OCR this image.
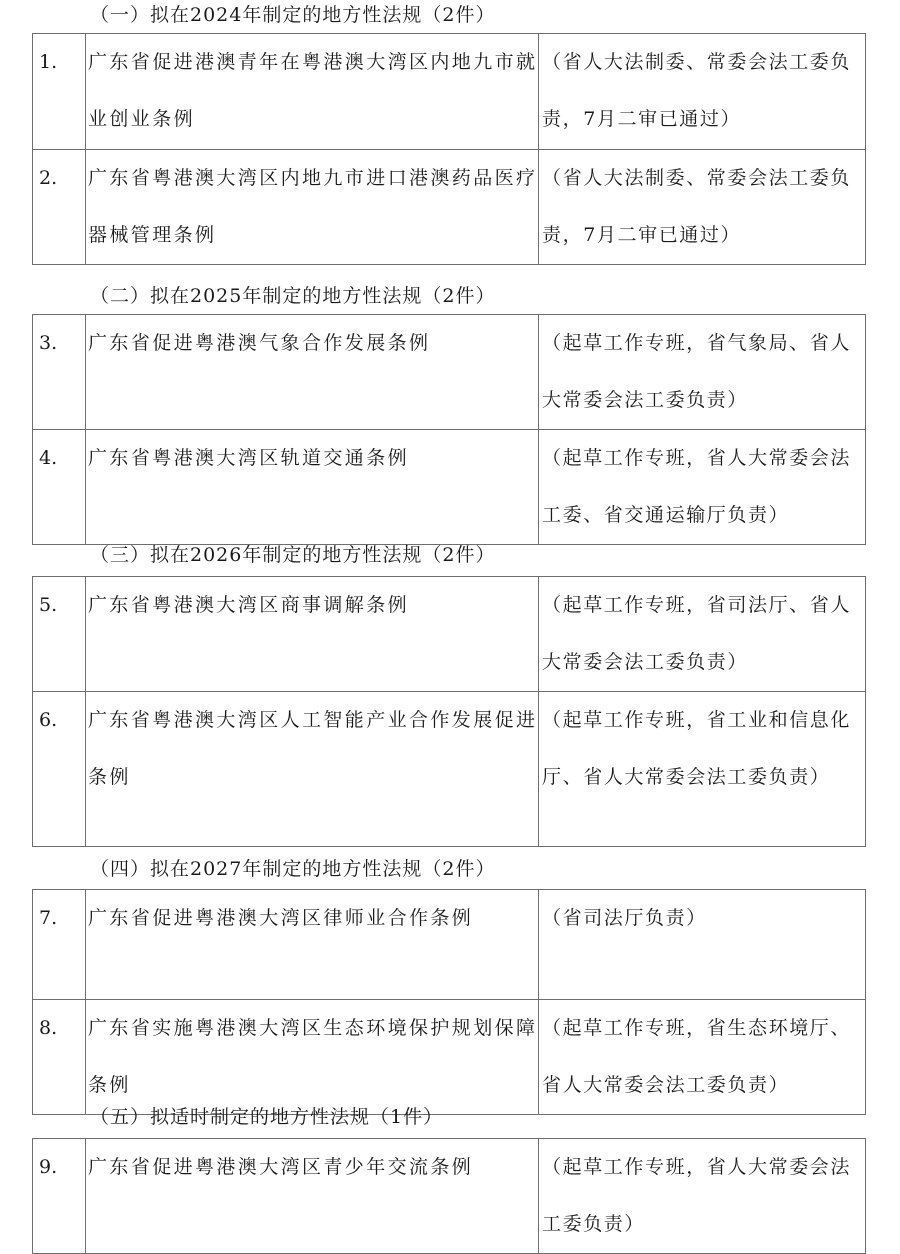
（一）拟在2024年制定的地方性法规（2件）
1.	广东省促进港澳青年在粤港澳大湾区内地九市就业创业条例	（省人大法制委、常委会法工委负责，7月二审已通过）
2.	广东省粤港澳大湾区内地九市进口港澳药品医疗器械管理条例	（省人大法制委、常委会法工委负责，7月二审已通过）
（二）拟在2025年制定的地方性法规（2件）
3.	广东省促进粤港澳气象合作发展条例	（起草工作专班，省气象局、省人大常委会法工委负责）
4.	广东省粤港澳大湾区轨道交通条例	（起草工作专班，省人大常委会法工委、省交通运输厅负责）
（三）拟在2026年制定的地方性法规（2件）
5.	广东省粤港澳大湾区商事调解条例	（起草工作专班，省司法厅、省人大常委会法工委负责）
6.	广东省粤港澳大湾区人工智能产业合作发展促进条例	（起草工作专班，省工业和信息化厅、省人大常委会法工委负责）
（四）拟在2027年制定的地方性法规（2件）
7.	广东省促进粤港澳大湾区律师业合作条例	（省司法厅负责）
8.	广东省实施粤港澳大湾区生态环境保护规划保障条例	（起草工作专班，省生态环境厅、省人大常委会法工委负责）
（五）拟适时制定的地方性法规（1件）
9.	广东省促进粤港澳大湾区青少年交流条例	（起草工作专班，省人大常委会法工委负责）
